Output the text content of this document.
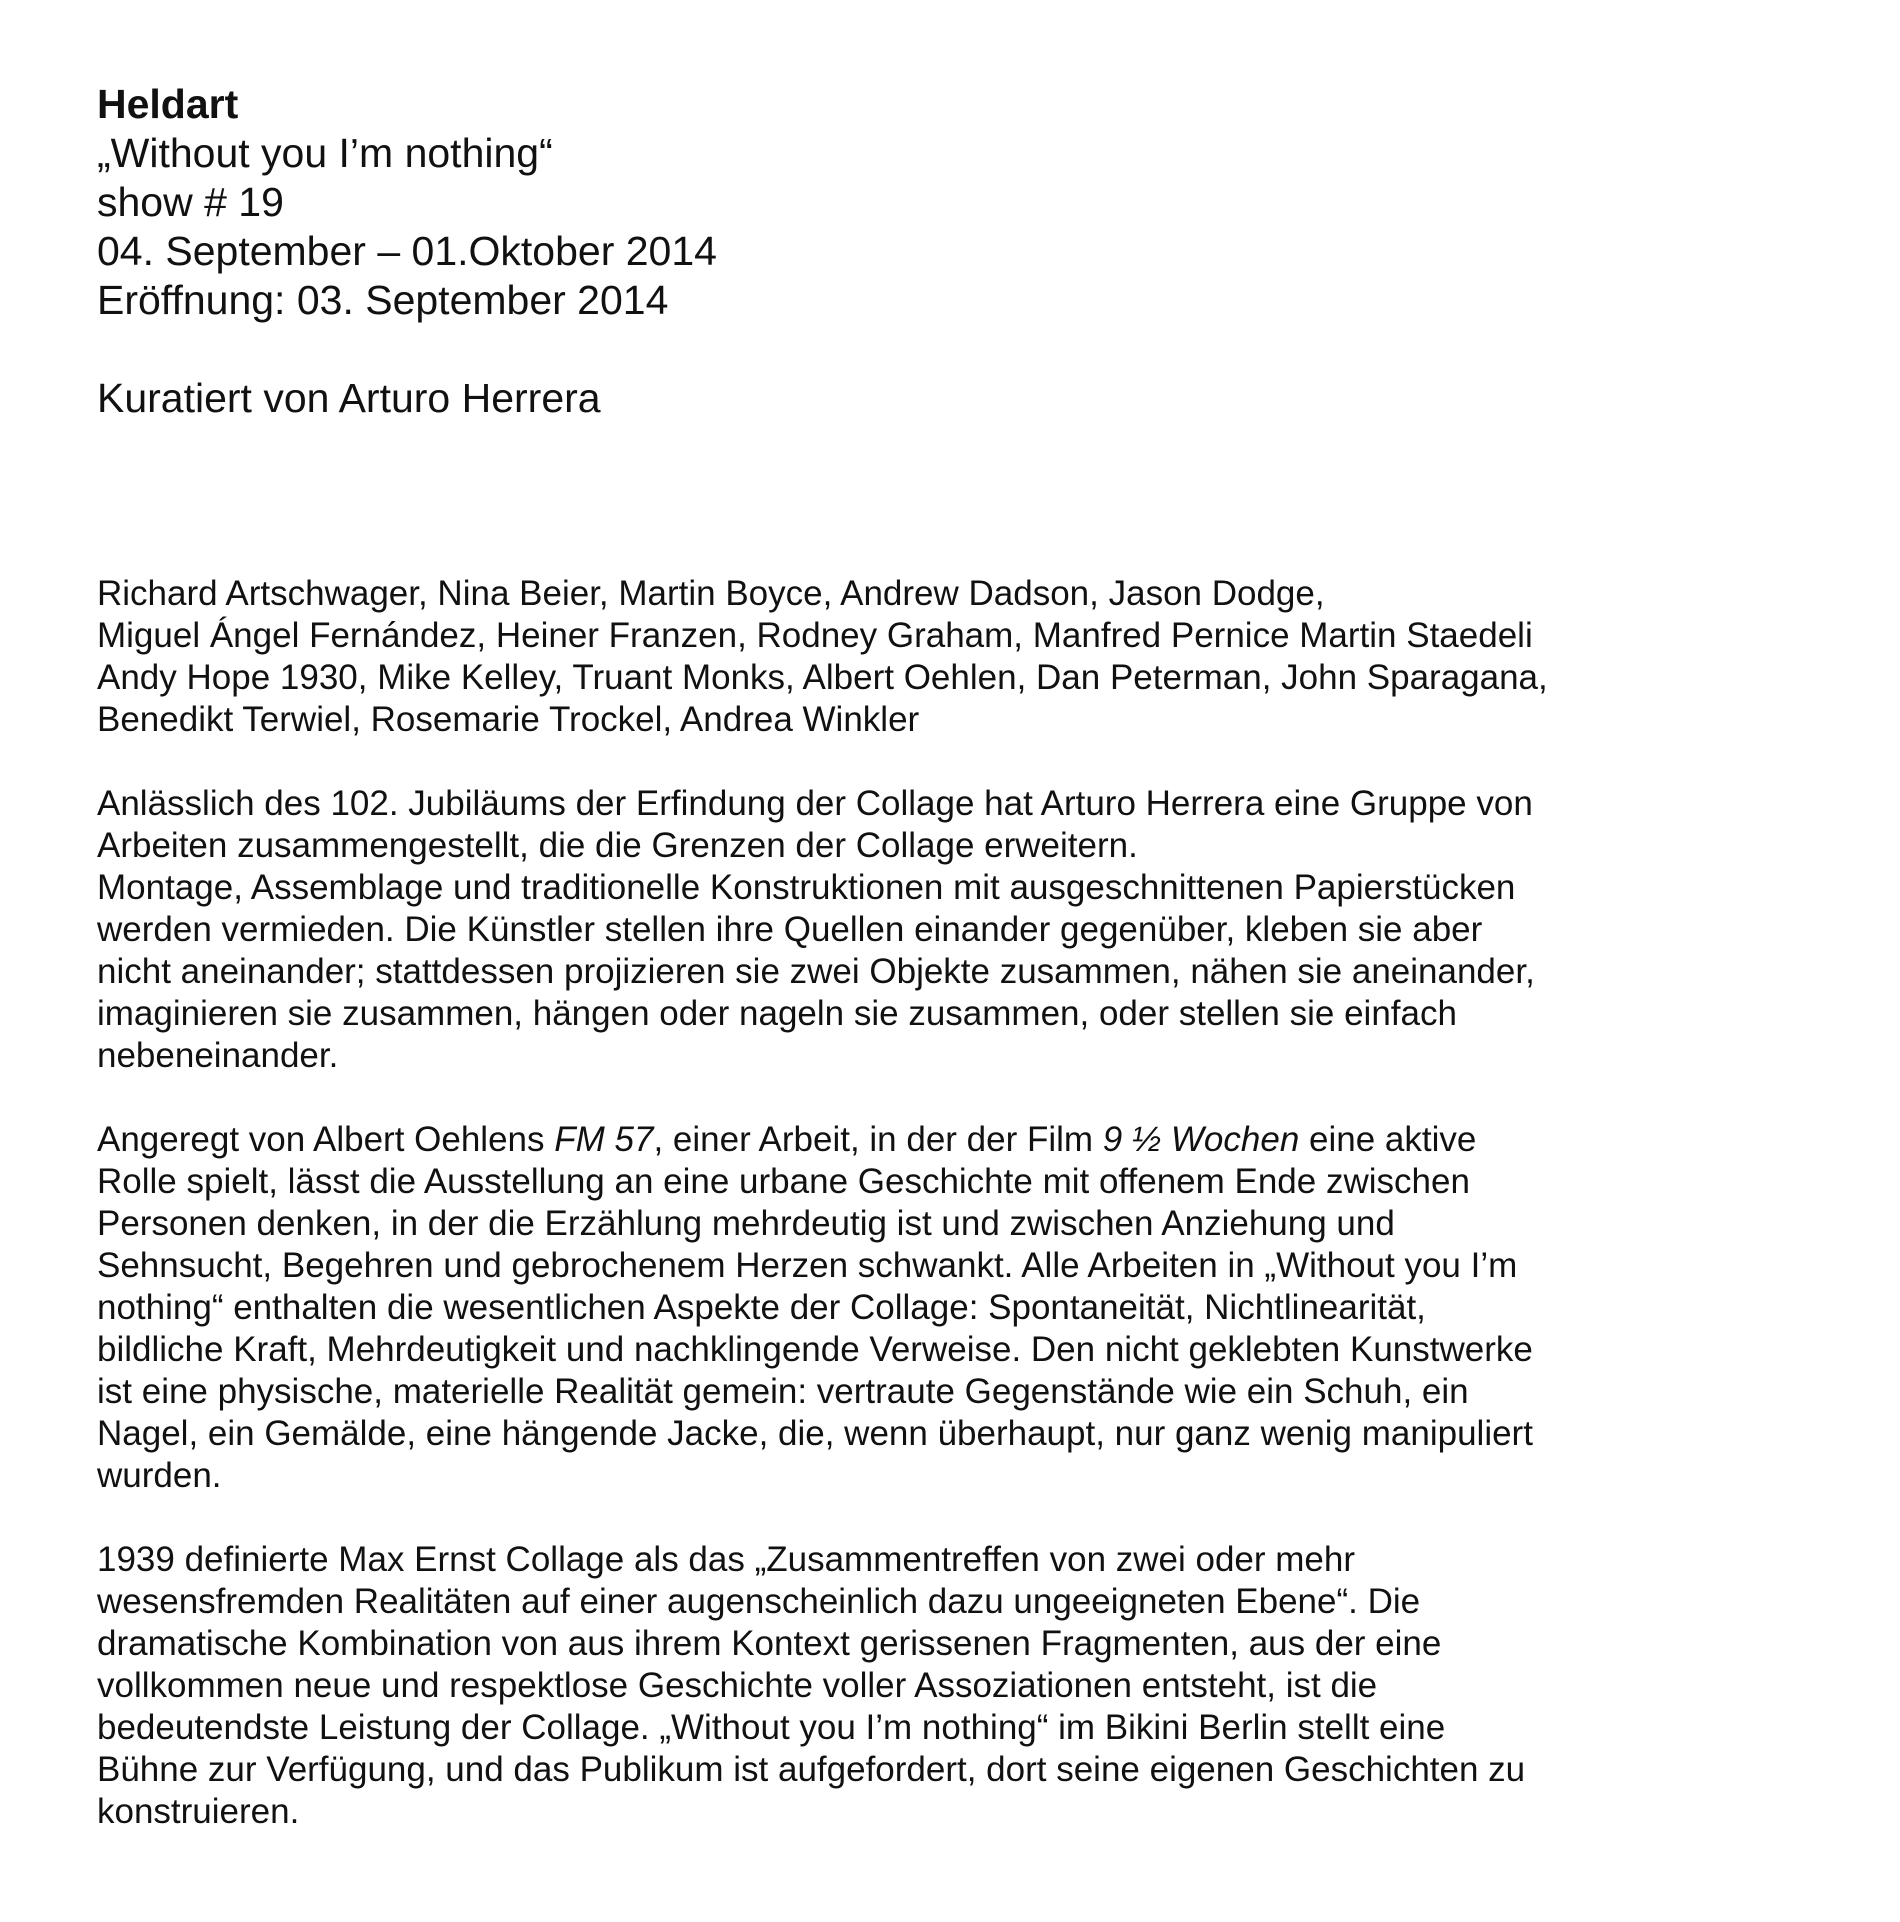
Heldart

„Without you I’m nothing“

show # 19

04. September – 01.Oktober 2014

Eröffnung: 03. September 2014

Kuratiert von Arturo Herrera

Richard Artschwager, Nina Beier, Martin Boyce, Andrew Dadson, Jason Dodge,

Miguel Ángel Fernández, Heiner Franzen, Rodney Graham, Manfred Pernice Martin Staedeli

Andy Hope 1930, Mike Kelley, Truant Monks, Albert Oehlen, Dan Peterman, John Sparagana,

Benedikt Terwiel, Rosemarie Trockel, Andrea Winkler

Anlässlich des 102. Jubiläums der Erfindung der Collage hat Arturo Herrera eine Gruppe von
Arbeiten zusammengestellt, die die Grenzen der Collage erweitern.
Montage, Assemblage und traditionelle Konstruktionen mit ausgeschnittenen Papierstücken
werden vermieden. Die Künstler stellen ihre Quellen einander gegenüber, kleben sie aber
nicht aneinander; stattdessen projizieren sie zwei Objekte zusammen, nähen sie aneinander,
imaginieren sie zusammen, hängen oder nageln sie zusammen, oder stellen sie einfach
nebeneinander.

Angeregt von Albert Oehlens FM 57, einer Arbeit, in der der Film 9 ½ Wochen eine aktive
Rolle spielt, lässt die Ausstellung an eine urbane Geschichte mit offenem Ende zwischen
Personen denken, in der die Erzählung mehrdeutig ist und zwischen Anziehung und
Sehnsucht, Begehren und gebrochenem Herzen schwankt. Alle Arbeiten in „Without you I’m
nothing“ enthalten die wesentlichen Aspekte der Collage: Spontaneität, Nichtlinearität,
bildliche Kraft, Mehrdeutigkeit und nachklingende Verweise. Den nicht geklebten Kunstwerke
ist eine physische, materielle Realität gemein: vertraute Gegenstände wie ein Schuh, ein
Nagel, ein Gemälde, eine hängende Jacke, die, wenn überhaupt, nur ganz wenig manipuliert
wurden.

1939 definierte Max Ernst Collage als das „Zusammentreffen von zwei oder mehr
wesensfremden Realitäten auf einer augenscheinlich dazu ungeeigneten Ebene“. Die
dramatische Kombination von aus ihrem Kontext gerissenen Fragmenten, aus der eine
vollkommen neue und respektlose Geschichte voller Assoziationen entsteht, ist die
bedeutendste Leistung der Collage. „Without you I’m nothing“ im Bikini Berlin stellt eine
Bühne zur Verfügung, und das Publikum ist aufgefordert, dort seine eigenen Geschichten zu
konstruieren.
